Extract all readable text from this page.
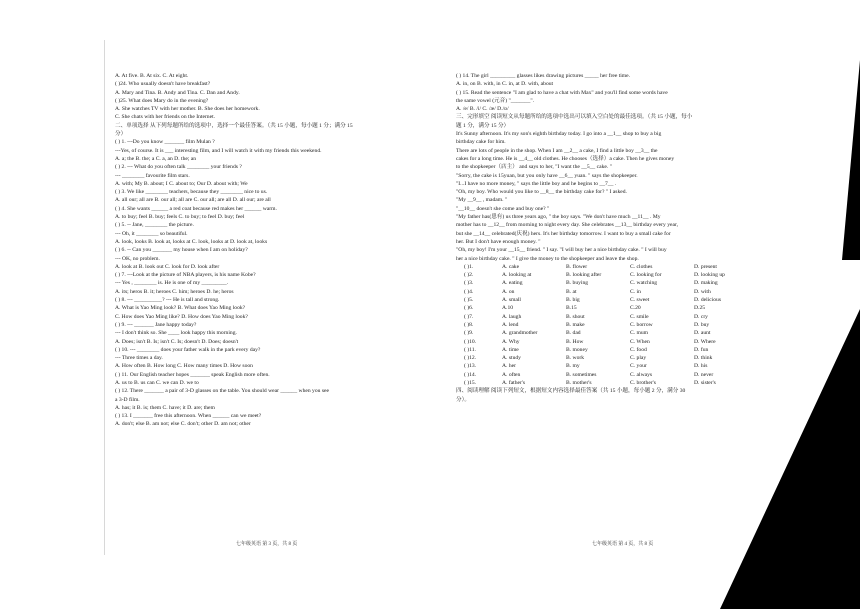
A. At five. B. At six. C. At eight.
( )24. Who usually doesn't have breakfast?
A. Mary and Tina. B. Andy and Tina. C. Dan and Andy.
( )25. What does Mary do in the evening?
A. She watches TV with her mother. B. She does her homework.
C. She chats with her friends on the Internet.
二、单项选择 从下列每题所给的选项中，选择一个最佳答案。（共 15 小题，每小题 1 分；满分 15
分）
( ) 1. ---Do you know _______ film Mulan ?
---Yes, of course. It is ___ interesting film, and I will watch it with my friends this weekend.
A. a; the B. the; a C. a, an D. the; an
( ) 2. --- What do you often talk ________ your friends ?
--- ________ favourite film stars.
A. with; My B. about; I C. about to; Our D. about with; We
( ) 3. We like ________ teachers, because they ________ nice to us.
A. all our; all are B. our all; all are C. our all; are all D. all our; are all
( ) 4. She wants ______ a red coat because red makes her ______ warm.
A. to buy; feel B. buy; feels C. to buy; to feel D. buy; feel
( ) 5. -- Jane, ________ the picture.
--- Oh, it ________ so beautiful.
A. look, looks B. look at, looks at C. look, looks at D. look at, looks
( ) 6. -- Can you _______ my house when I am on holiday?
--- OK, no problem.
A. look at B. look out C. look for D. look after
( ) 7. ---Look at the picture of NBA players, is his name Kobe?
--- Yes , ________ is. He is one of my _________.
A. its; heros B. it; heroes C. him; heroes D. he; heros
( ) 8. --- __________? --- He is tall and strong.
A. What is Yao Ming look? B. What does Yao Ming look?
C. How does Yao Ming like? D. How does Yao Ming look?
( ) 9. --- _______ Jane happy today?
--- I don't think so. She ____ look happy this morning.
A. Does; isn't B. Is; isn't C. Is; doesn't D. Does; doesn't
( ) 10. --- ________ does your father walk in the park every day?
--- Three times a day.
A. How often B. How long C. How many times D. How soon
( ) 11. Our English teacher hopes _______ speak English more often.
A. us to B. us can C. we can D. we to
( ) 12. There _______ a pair of 3-D glasses on the table. You should wear ______ when you see
a 3-D film.
A. has; it B. is; them C. have; it D. are; them
( ) 13. I _______ free this afternoon. When ______ can we meet?
A. don't; else B. am not; else C. don't; other D. am not; other
七年级英语 第 3 页，共 8 页
( ) 14. The girl _________ glasses likes drawing pictures _____ her free time.
A. in, on B. with, in C. in, at D. with, about
( ) 15. Read the sentence "I am glad to have a chat with Max" and you'll find some words have
the same vowel (元音) "_______".
A. /e/ B. /i/ C. /æ/ D./ɒ/
三、完形填空 阅读短文从每题所给的选项中选出可以填入空白处的最佳选项。（共 15 小题，每小
题 1 分，满分 15 分）
It's Sunny afternoon. It's my son's eighth birthday today. I go into a __1__ shop to buy a big
birthday cake for him.
There are lots of people in the shop. When I am __2__ a cake, I find a little boy __3__ the
cakes for a long time. He is __4__ old clothes. He chooses（选择）a cake. Then he gives money
to the shopkeeper（店主） and says to her, "I want the __5__ cake. "
"Sorry, the cake is 15yuan, but you only have __6__ yuan. " says the shopkeeper.
"I...I have no more money, " says the little boy and he begins to __7__ .
"Oh, my boy. Who would you like to __8__ the birthday cake for? " I asked.
"My __9__ , madam. "
"__10__ doesn't she come and buy one? "
"My father has(患有) us three years ago, " the boy says. "We don't have much __11__ . My
mother has to __12__ from morning to night every day. She celebrates __13__ birthday every year,
but she __14__ celebrated(庆祝) hers. It's her birthday tomorrow. I want to buy a small cake for
her. But I don't have enough money. "
"Oh, my boy! I'm your __15__ friend. " I say. "I will buy her a nice birthday cake. " I will buy
her a nice birthday cake. " I give the money to the shopkeeper and leave the shop.
( )1.	A. cake	B. flower	C. clothes	D. present
( )2.	A. looking at	B. looking after	C. looking for	D. looking up
( )3.	A. eating	B. buying	C. watching	D. making
( )4.	A. on	B. at	C. in	D. with
( )5.	A. small	B. big	C. sweet	D. delicious
( )6.	A.10	B.15	C.20	D.25
( )7.	A. laugh	B. shout	C. smile	D. cry
( )8.	A. lend	B. make	C. borrow	D. buy
( )9.	A. grandmother	B. dad	C. mum	D. aunt
( )10.	A. Why	B. How	C. When	D. Where
( )11.	A. time	B. money	C. food	D. fun
( )12.	A. study	B. work	C. play	D. think
( )13.	A. her	B. my	C. your	D. his
( )14.	A. often	B. sometimes	C. always	D. never
( )15.	A. father's	B. mother's	C. brother's	D. sister's
四、阅读理解 阅读下列短文，根据短文内容选择最佳答案（共 15 小题，每小题 2 分，满分 30
分）。
七年级英语 第 4 页，共 8 页
